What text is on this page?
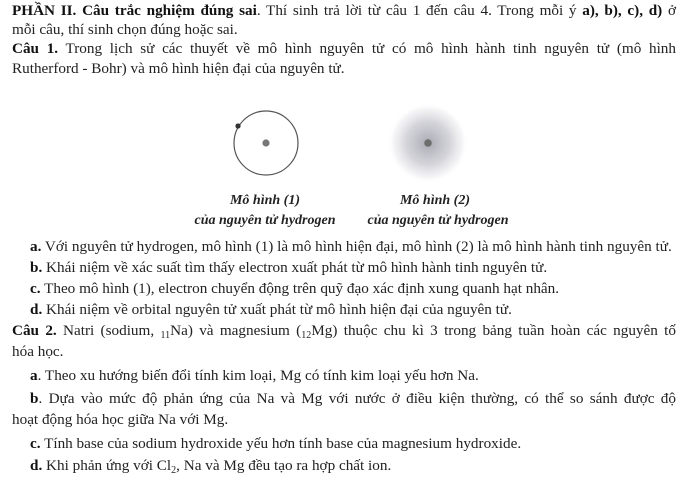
PHẦN II. Câu trắc nghiệm đúng sai. Thí sinh trả lời từ câu 1 đến câu 4. Trong mỗi ý a), b), c), d) ở
mỗi câu, thí sinh chọn đúng hoặc sai.
Câu 1. Trong lịch sử các thuyết về mô hình nguyên tử có mô hình hành tinh nguyên tử (mô hình
Rutherford - Bohr) và mô hình hiện đại của nguyên tử.
Mô hình (1)
của nguyên tử hydrogen
Mô hình (2)
của nguyên tử hydrogen
a. Với nguyên tử hydrogen, mô hình (1) là mô hình hiện đại, mô hình (2) là mô hình hành tinh nguyên tử.
b. Khái niệm về xác suất tìm thấy electron xuất phát từ mô hình hành tinh nguyên tử.
c. Theo mô hình (1), electron chuyển động trên quỹ đạo xác định xung quanh hạt nhân.
d. Khái niệm về orbital nguyên tử xuất phát từ mô hình hiện đại của nguyên tử.
Câu 2. Natri (sodium, $_{11}$Na) và magnesium $(_{12}Mg)$ thuộc chu kì 3 trong bảng tuần hoàn các nguyên tố
hóa học.
a. Theo xu hướng biến đổi tính kim loại, Mg có tính kim loại yếu hơn Na.
b. Dựa vào mức độ phản ứng của Na và Mg với nước ở điều kiện thường, có thể so sánh được độ
hoạt động hóa học giữa Na với Mg.
c. Tính base của sodium hydroxide yếu hơn tính base của magnesium hydroxide.
d. Khi phản ứng với $Cl_2$, Na và Mg đều tạo ra hợp chất ion.
